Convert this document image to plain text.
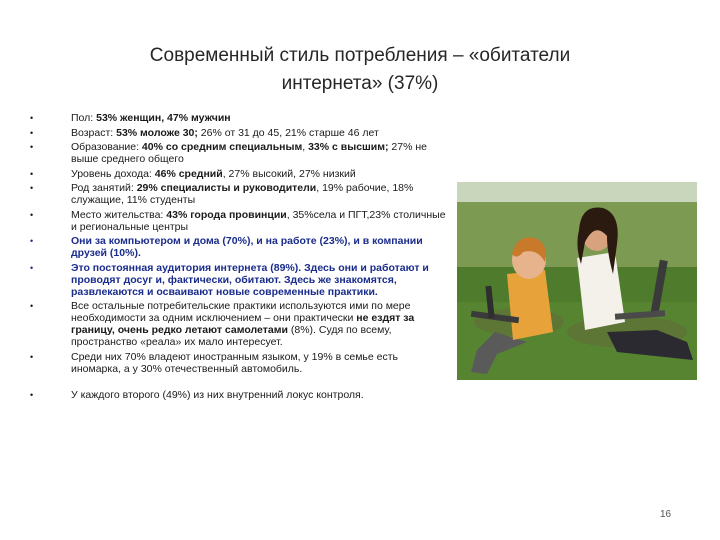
Современный стиль потребления – «обитатели
интернета» (37%)
•	Пол: 53% женщин, 47% мужчин
•	Возраст: 53% моложе 30; 26% от 31 до 45, 21% старше 46 лет
•	Образование: 40% со средним специальным, 33% с высшим; 27% не выше среднего общего
•	Уровень дохода: 46% средний, 27% высокий, 27% низкий
•	Род занятий: 29% специалисты и руководители, 19% рабочие, 18% служащие, 11% студенты
•	Место жительства: 43% города провинции, 35%села и ПГТ,23% столичные и региональные центры
•	Они за компьютером и дома (70%), и на работе (23%), и в компании друзей (10%).
•	Это постоянная аудитория интернета (89%). Здесь они и работают и проводят досуг и, фактически, обитают. Здесь же знакомятся, развлекаются и осваивают новые современные практики.
•	Все остальные потребительские практики используются ими по мере необходимости за одним исключением – они практически не ездят за границу, очень редко летают самолетами (8%). Судя по всему, пространство «реала» их мало интересует.
•	Среди них 70% владеют иностранным языком, у 19% в семье есть иномарка, а у 30% отечественный автомобиль.
•	У каждого второго (49%) из них внутренний локус контроля.
16
